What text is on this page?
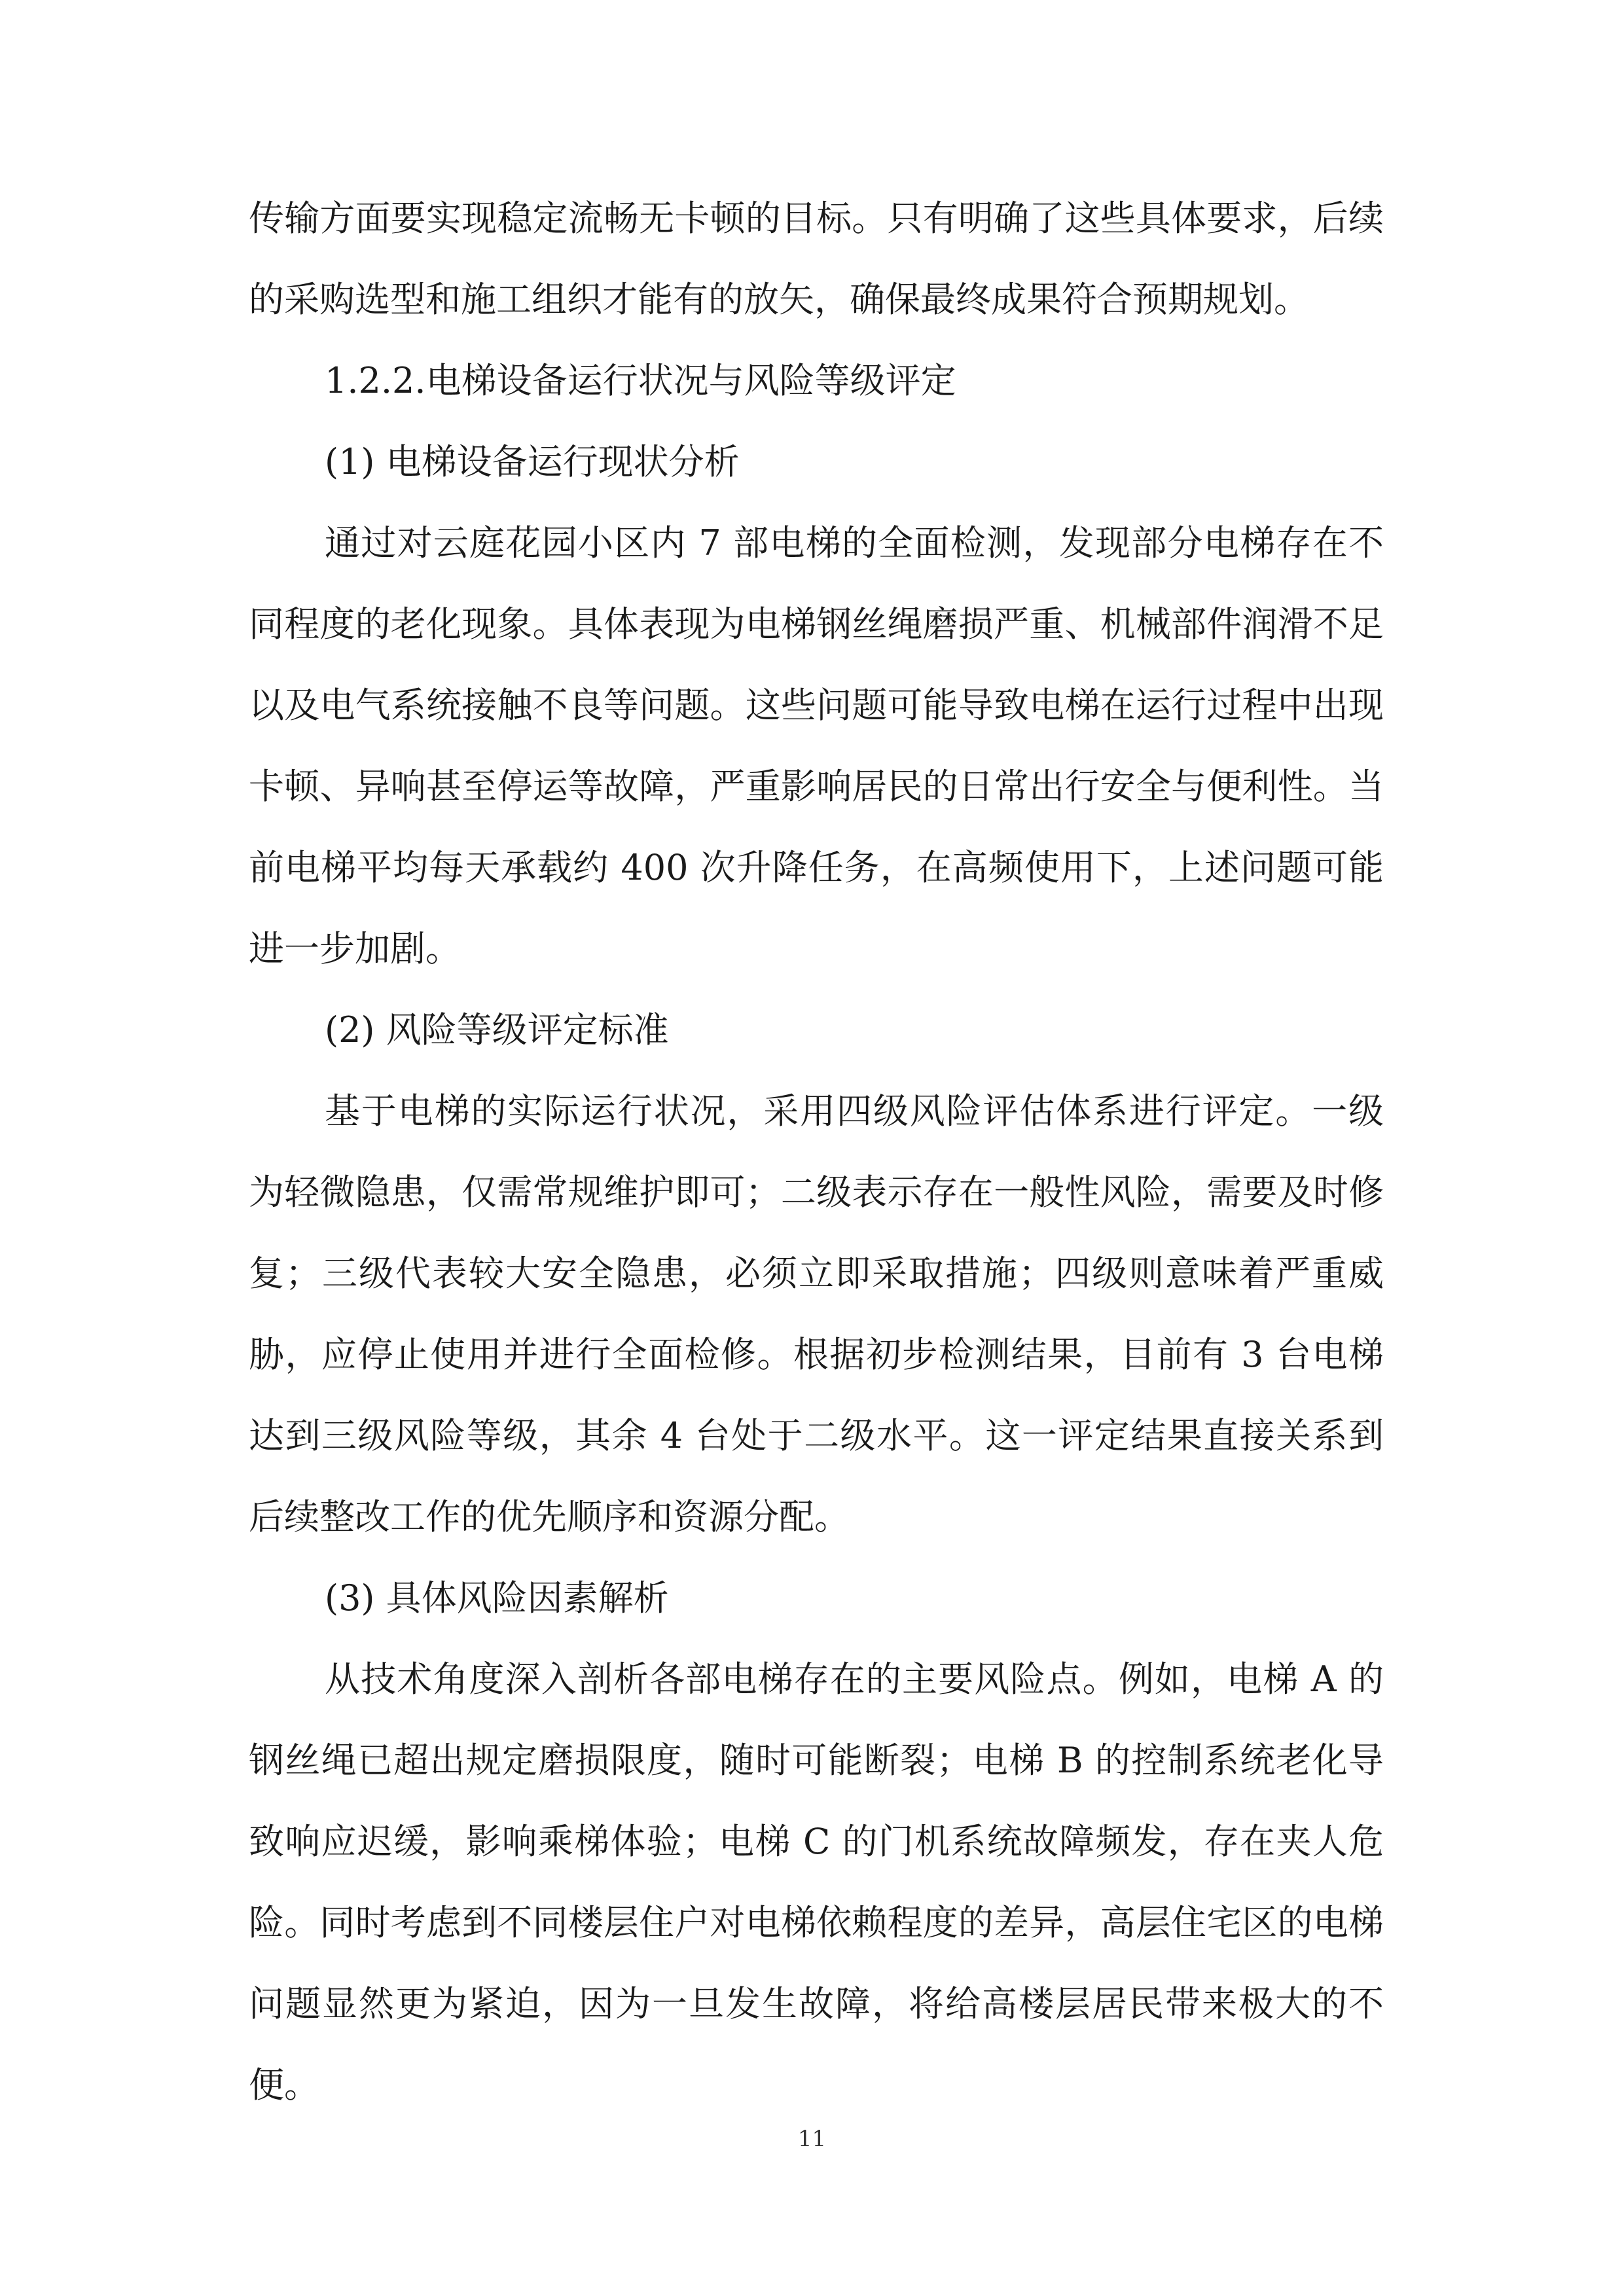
传输方面要实现稳定流畅无卡顿的目标。只有明确了这些具体要求，后续的采购选型和施工组织才能有的放矢，确保最终成果符合预期规划。

1.2.2.电梯设备运行状况与风险等级评定

(1) 电梯设备运行现状分析

通过对云庭花园小区内 7 部电梯的全面检测，发现部分电梯存在不同程度的老化现象。具体表现为电梯钢丝绳磨损严重、机械部件润滑不足以及电气系统接触不良等问题。这些问题可能导致电梯在运行过程中出现卡顿、异响甚至停运等故障，严重影响居民的日常出行安全与便利性。当前电梯平均每天承载约 400 次升降任务，在高频使用下，上述问题可能进一步加剧。

(2) 风险等级评定标准

基于电梯的实际运行状况，采用四级风险评估体系进行评定。一级为轻微隐患，仅需常规维护即可；二级表示存在一般性风险，需要及时修复；三级代表较大安全隐患，必须立即采取措施；四级则意味着严重威胁，应停止使用并进行全面检修。根据初步检测结果，目前有 3 台电梯达到三级风险等级，其余 4 台处于二级水平。这一评定结果直接关系到后续整改工作的优先顺序和资源分配。

(3) 具体风险因素解析

从技术角度深入剖析各部电梯存在的主要风险点。例如，电梯 A 的钢丝绳已超出规定磨损限度，随时可能断裂；电梯 B 的控制系统老化导致响应迟缓，影响乘梯体验；电梯 C 的门机系统故障频发，存在夹人危险。同时考虑到不同楼层住户对电梯依赖程度的差异，高层住宅区的电梯问题显然更为紧迫，因为一旦发生故障，将给高楼层居民带来极大的不便。

11
